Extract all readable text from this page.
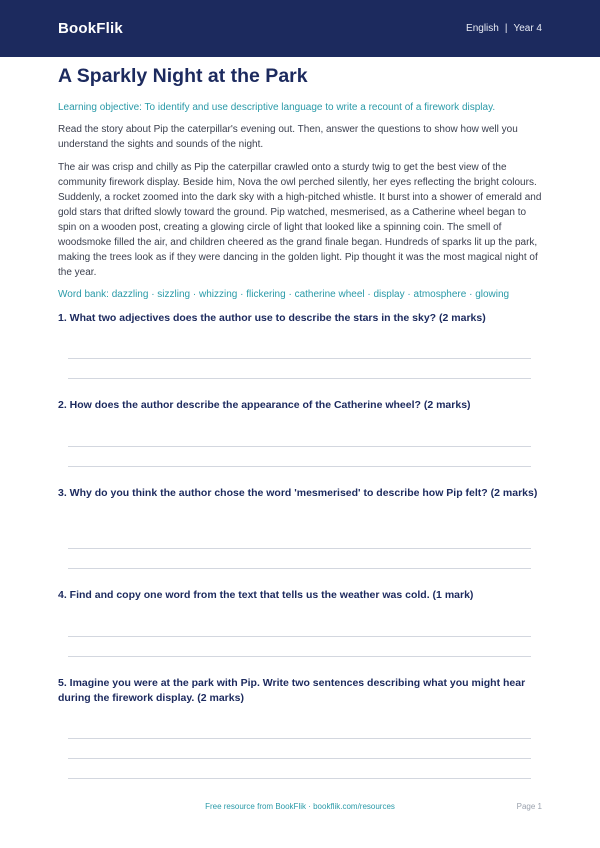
BookFlik	English | Year 4
A Sparkly Night at the Park

Learning objective: To identify and use descriptive language to write a recount of a firework display.

Read the story about Pip the caterpillar's evening out. Then, answer the questions to show how well you understand the sights and sounds of the night.

The air was crisp and chilly as Pip the caterpillar crawled onto a sturdy twig to get the best view of the community firework display. Beside him, Nova the owl perched silently, her eyes reflecting the bright colours. Suddenly, a rocket zoomed into the dark sky with a high-pitched whistle. It burst into a shower of emerald and gold stars that drifted slowly toward the ground. Pip watched, mesmerised, as a Catherine wheel began to spin on a wooden post, creating a glowing circle of light that looked like a spinning coin. The smell of woodsmoke filled the air, and children cheered as the grand finale began. Hundreds of sparks lit up the park, making the trees look as if they were dancing in the golden light. Pip thought it was the most magical night of the year.

Word bank: dazzling · sizzling · whizzing · flickering · catherine wheel · display · atmosphere · glowing

1. What two adjectives does the author use to describe the stars in the sky? (2 marks)
2. How does the author describe the appearance of the Catherine wheel? (2 marks)
3. Why do you think the author chose the word 'mesmerised' to describe how Pip felt? (2 marks)
4. Find and copy one word from the text that tells us the weather was cold. (1 mark)
5. Imagine you were at the park with Pip. Write two sentences describing what you might hear during the firework display. (2 marks)
Free resource from BookFlik · bookflik.com/resources	Page 1
